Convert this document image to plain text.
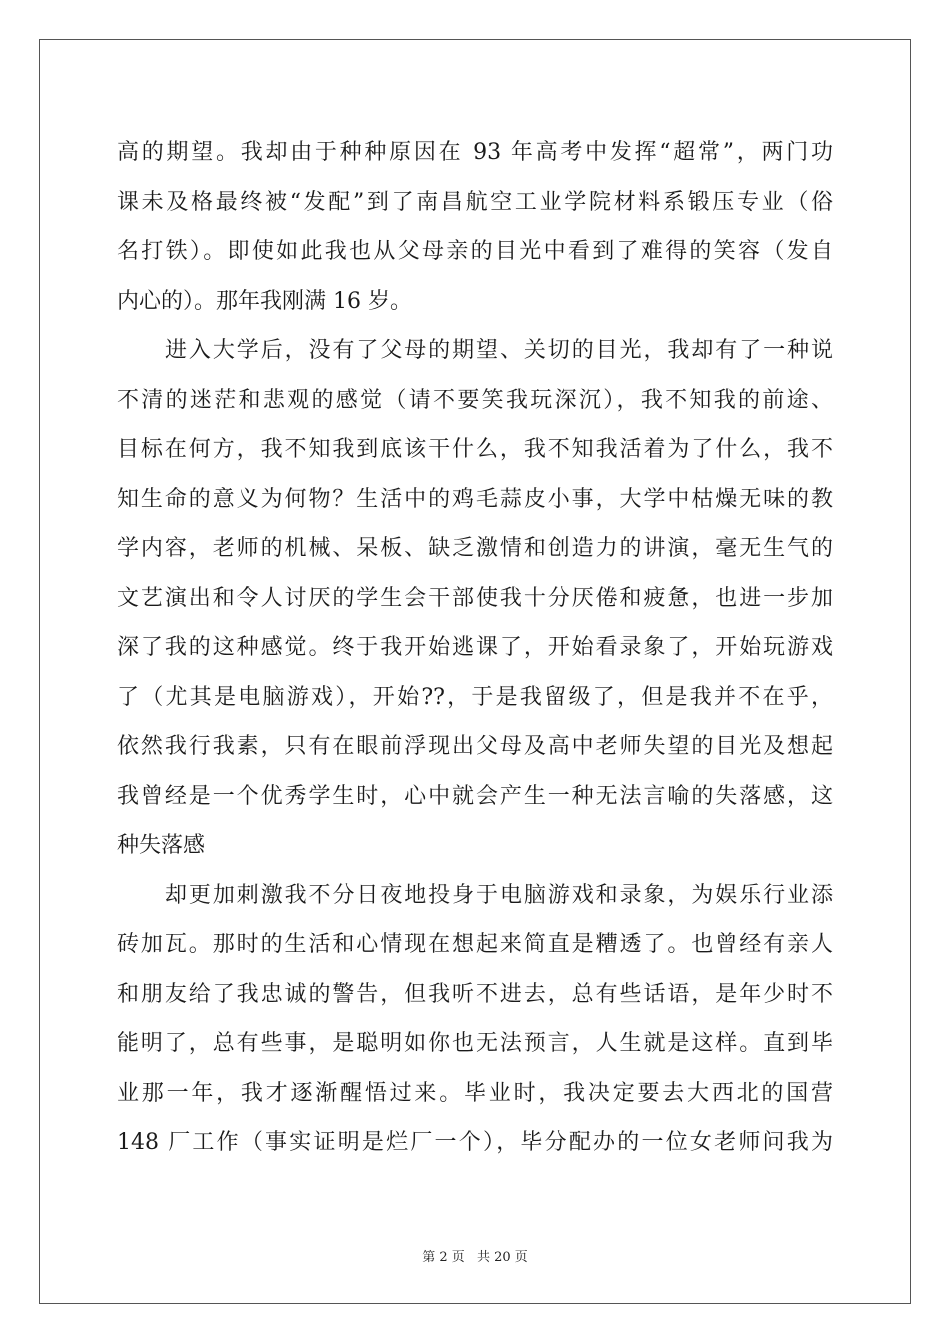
高的期望。我却由于种种原因在 93 年高考中发挥“超常”，两门功
课未及格最终被“发配”到了南昌航空工业学院材料系锻压专业（俗
名打铁）。即使如此我也从父母亲的目光中看到了难得的笑容（发自
内心的）。那年我刚满 16 岁。
进入大学后，没有了父母的期望、关切的目光，我却有了一种说
不清的迷茫和悲观的感觉（请不要笑我玩深沉），我不知我的前途、
目标在何方，我不知我到底该干什么，我不知我活着为了什么，我不
知生命的意义为何物？生活中的鸡毛蒜皮小事，大学中枯燥无味的教
学内容，老师的机械、呆板、缺乏激情和创造力的讲演，毫无生气的
文艺演出和令人讨厌的学生会干部使我十分厌倦和疲惫，也进一步加
深了我的这种感觉。终于我开始逃课了，开始看录象了，开始玩游戏
了（尤其是电脑游戏），开始??，于是我留级了，但是我并不在乎，
依然我行我素，只有在眼前浮现出父母及高中老师失望的目光及想起
我曾经是一个优秀学生时，心中就会产生一种无法言喻的失落感，这
种失落感
却更加刺激我不分日夜地投身于电脑游戏和录象，为娱乐行业添
砖加瓦。那时的生活和心情现在想起来简直是糟透了。也曾经有亲人
和朋友给了我忠诚的警告，但我听不进去，总有些话语，是年少时不
能明了，总有些事，是聪明如你也无法预言，人生就是这样。直到毕
业那一年，我才逐渐醒悟过来。毕业时，我决定要去大西北的国营
148 厂工作（事实证明是烂厂一个），毕分配办的一位女老师问我为
第 2 页 共 20 页
